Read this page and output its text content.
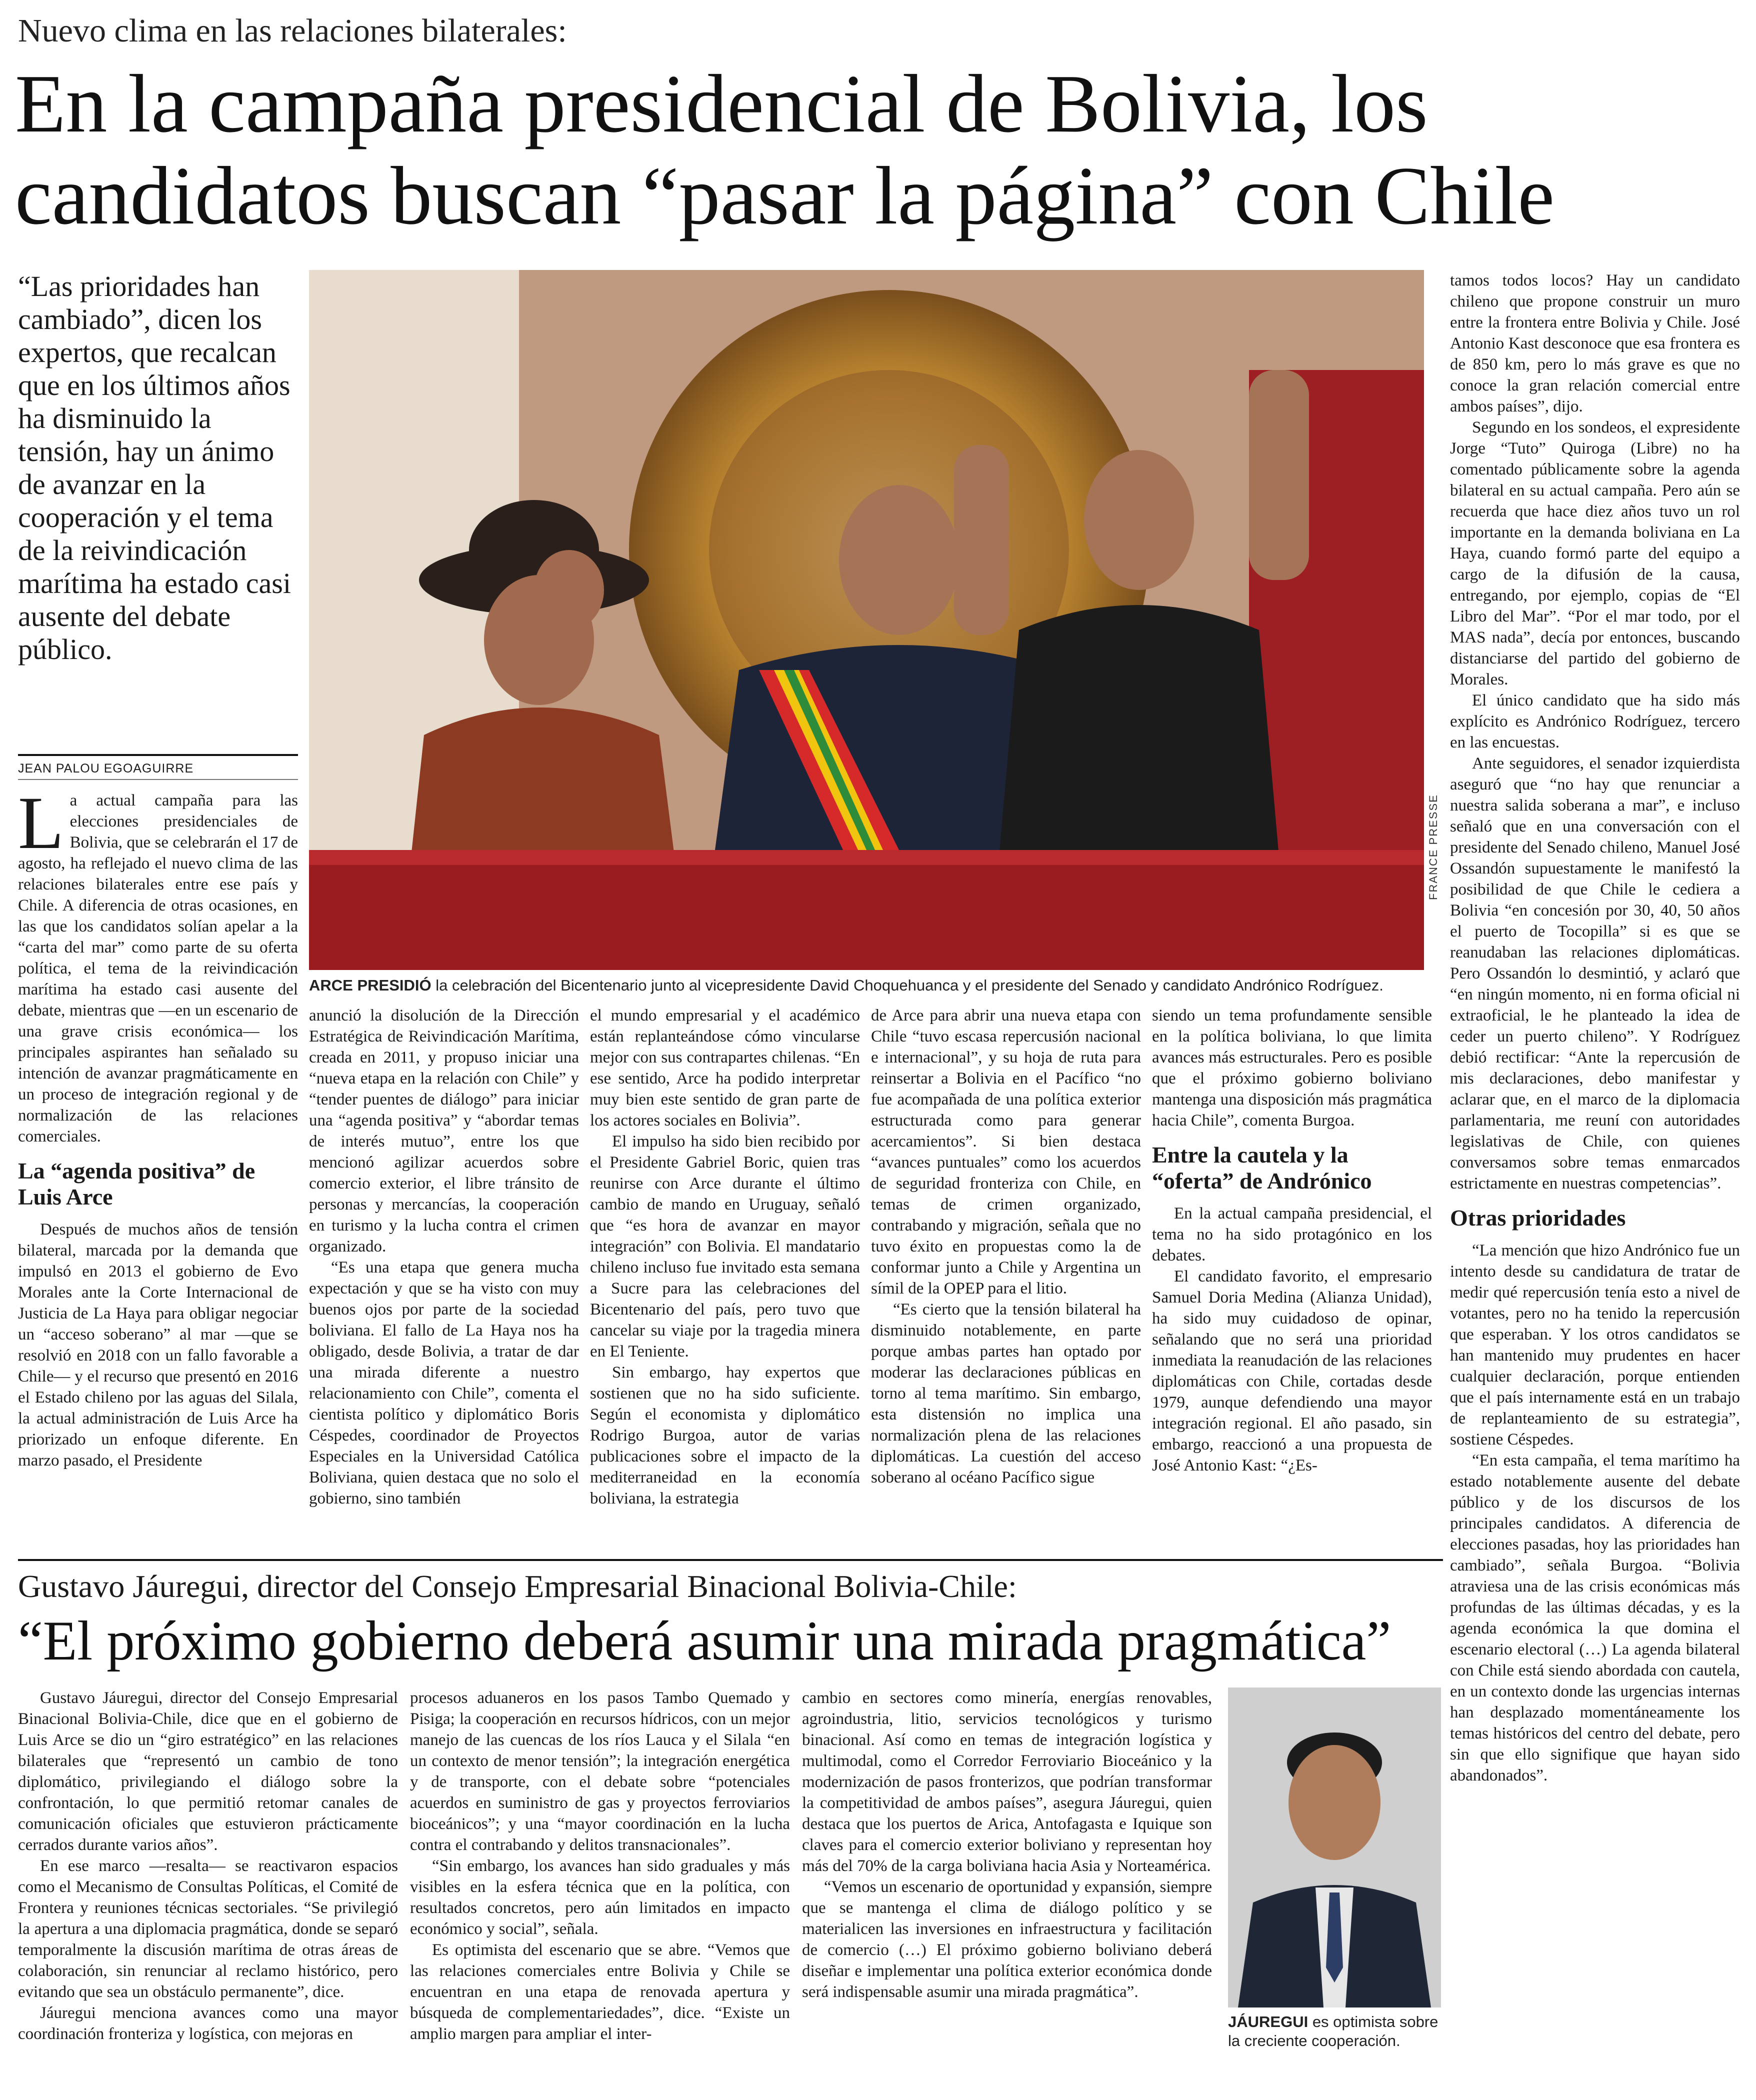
Nuevo clima en las relaciones bilaterales:
En la campaña presidencial de Bolivia, los
candidatos buscan “pasar la página” con Chile
“Las prioridades han cambiado”, dicen los expertos, que recalcan que en los últimos años ha disminuido la tensión, hay un ánimo de avanzar en la cooperación y el tema de la reivindicación marítima ha estado casi ausente del debate público.
JEAN PALOU EGOAGUIRRE

La actual campaña para las elecciones presidenciales de Bolivia, que se celebrarán el 17 de agosto, ha reflejado el nuevo clima de las relaciones bilaterales entre ese país y Chile. A diferencia de otras ocasiones, en las que los candidatos solían apelar a la “carta del mar” como parte de su oferta política, el tema de la reivindicación marítima ha estado casi ausente del debate, mientras que —en un escenario de una grave crisis económica— los principales aspirantes han señalado su intención de avanzar pragmáticamente en un proceso de integración regional y de normalización de las relaciones comerciales.

La “agenda positiva” de Luis Arce

Después de muchos años de tensión bilateral, marcada por la demanda que impulsó en 2013 el gobierno de Evo Morales ante la Corte Internacional de Justicia de La Haya para obligar negociar un “acceso soberano” al mar —que se resolvió en 2018 con un fallo favorable a Chile— y el recurso que presentó en 2016 el Estado chileno por las aguas del Silala, la actual administración de Luis Arce ha priorizado un enfoque diferente. En marzo pasado, el Presidente

FRANCE PRESSE
ARCE PRESIDIÓ la celebración del Bicentenario junto al vicepresidente David Choquehuanca y el presidente del Senado y candidato Andrónico Rodríguez.

anunció la disolución de la Dirección Estratégica de Reivindicación Marítima, creada en 2011, y propuso iniciar una “nueva etapa en la relación con Chile” y “tender puentes de diálogo” para iniciar una “agenda positiva” y “abordar temas de interés mutuo”, entre los que mencionó agilizar acuerdos sobre comercio exterior, el libre tránsito de personas y mercancías, la cooperación en turismo y la lucha contra el crimen organizado.

“Es una etapa que genera mucha expectación y que se ha visto con muy buenos ojos por parte de la sociedad boliviana. El fallo de La Haya nos ha obligado, desde Bolivia, a tratar de dar una mirada diferente a nuestro relacionamiento con Chile”, comenta el cientista político y diplomático Boris Céspedes, coordinador de Proyectos Especiales en la Universidad Católica Boliviana, quien destaca que no solo el gobierno, sino también

el mundo empresarial y el académico están replanteándose cómo vincularse mejor con sus contrapartes chilenas. “En ese sentido, Arce ha podido interpretar muy bien este sentido de gran parte de los actores sociales en Bolivia”.

El impulso ha sido bien recibido por el Presidente Gabriel Boric, quien tras reunirse con Arce durante el último cambio de mando en Uruguay, señaló que “es hora de avanzar en mayor integración” con Bolivia. El mandatario chileno incluso fue invitado esta semana a Sucre para las celebraciones del Bicentenario del país, pero tuvo que cancelar su viaje por la tragedia minera en El Teniente.

Sin embargo, hay expertos que sostienen que no ha sido suficiente. Según el economista y diplomático Rodrigo Burgoa, autor de varias publicaciones sobre el impacto de la mediterraneidad en la economía boliviana, la estrategia

de Arce para abrir una nueva etapa con Chile “tuvo escasa repercusión nacional e internacional”, y su hoja de ruta para reinsertar a Bolivia en el Pacífico “no fue acompañada de una política exterior estructurada como para generar acercamientos”. Si bien destaca “avances puntuales” como los acuerdos de seguridad fronteriza con Chile, en temas de crimen organizado, contrabando y migración, señala que no tuvo éxito en propuestas como la de conformar junto a Chile y Argentina un símil de la OPEP para el litio.

“Es cierto que la tensión bilateral ha disminuido notablemente, en parte porque ambas partes han optado por moderar las declaraciones públicas en torno al tema marítimo. Sin embargo, esta distensión no implica una normalización plena de las relaciones diplomáticas. La cuestión del acceso soberano al océano Pacífico sigue

siendo un tema profundamente sensible en la política boliviana, lo que limita avances más estructurales. Pero es posible que el próximo gobierno boliviano mantenga una disposición más pragmática hacia Chile”, comenta Burgoa.

Entre la cautela y la “oferta” de Andrónico

En la actual campaña presidencial, el tema no ha sido protagónico en los debates.

El candidato favorito, el empresario Samuel Doria Medina (Alianza Unidad), ha sido muy cuidadoso de opinar, señalando que no será una prioridad inmediata la reanudación de las relaciones diplomáticas con Chile, cortadas desde 1979, aunque defendiendo una mayor integración regional. El año pasado, sin embargo, reaccionó a una propuesta de José Antonio Kast: “¿Es-

tamos todos locos? Hay un candidato chileno que propone construir un muro entre la frontera entre Bolivia y Chile. José Antonio Kast desconoce que esa frontera es de 850 km, pero lo más grave es que no conoce la gran relación comercial entre ambos países”, dijo.

Segundo en los sondeos, el expresidente Jorge “Tuto” Quiroga (Libre) no ha comentado públicamente sobre la agenda bilateral en su actual campaña. Pero aún se recuerda que hace diez años tuvo un rol importante en la demanda boliviana en La Haya, cuando formó parte del equipo a cargo de la difusión de la causa, entregando, por ejemplo, copias de “El Libro del Mar”. “Por el mar todo, por el MAS nada”, decía por entonces, buscando distanciarse del partido del gobierno de Morales.

El único candidato que ha sido más explícito es Andrónico Rodríguez, tercero en las encuestas.

Ante seguidores, el senador izquierdista aseguró que “no hay que renunciar a nuestra salida soberana a mar”, e incluso señaló que en una conversación con el presidente del Senado chileno, Manuel José Ossandón supuestamente le manifestó la posibilidad de que Chile le cediera a Bolivia “en concesión por 30, 40, 50 años el puerto de Tocopilla” si es que se reanudaban las relaciones diplomáticas. Pero Ossandón lo desmintió, y aclaró que “en ningún momento, ni en forma oficial ni extraoficial, le he planteado la idea de ceder un puerto chileno”. Y Rodríguez debió rectificar: “Ante la repercusión de mis declaraciones, debo manifestar y aclarar que, en el marco de la diplomacia parlamentaria, me reuní con autoridades legislativas de Chile, con quienes conversamos sobre temas enmarcados estrictamente en nuestras competencias”.

Otras prioridades

“La mención que hizo Andrónico fue un intento desde su candidatura de tratar de medir qué repercusión tenía esto a nivel de votantes, pero no ha tenido la repercusión que esperaban. Y los otros candidatos se han mantenido muy prudentes en hacer cualquier declaración, porque entienden que el país internamente está en un trabajo de replanteamiento de su estrategia”, sostiene Céspedes.

“En esta campaña, el tema marítimo ha estado notablemente ausente del debate público y de los discursos de los principales candidatos. A diferencia de elecciones pasadas, hoy las prioridades han cambiado”, señala Burgoa. “Bolivia atraviesa una de las crisis económicas más profundas de las últimas décadas, y es la agenda económica la que domina el escenario electoral (…) La agenda bilateral con Chile está siendo abordada con cautela, en un contexto donde las urgencias internas han desplazado momentáneamente los temas históricos del centro del debate, pero sin que ello signifique que hayan sido abandonados”.

Gustavo Jáuregui, director del Consejo Empresarial Binacional Bolivia-Chile:
“El próximo gobierno deberá asumir una mirada pragmática”

Gustavo Jáuregui, director del Consejo Empresarial Binacional Bolivia-Chile, dice que en el gobierno de Luis Arce se dio un “giro estratégico” en las relaciones bilaterales que “representó un cambio de tono diplomático, privilegiando el diálogo sobre la confrontación, lo que permitió retomar canales de comunicación oficiales que estuvieron prácticamente cerrados durante varios años”.

En ese marco —resalta— se reactivaron espacios como el Mecanismo de Consultas Políticas, el Comité de Frontera y reuniones técnicas sectoriales. “Se privilegió la apertura a una diplomacia pragmática, donde se separó temporalmente la discusión marítima de otras áreas de colaboración, sin renunciar al reclamo histórico, pero evitando que sea un obstáculo permanente”, dice.

Jáuregui menciona avances como una mayor coordinación fronteriza y logística, con mejoras en

procesos aduaneros en los pasos Tambo Quemado y Pisiga; la cooperación en recursos hídricos, con un mejor manejo de las cuencas de los ríos Lauca y el Silala “en un contexto de menor tensión”; la integración energética y de transporte, con el debate sobre “potenciales acuerdos en suministro de gas y proyectos ferroviarios bioceánicos”; y una “mayor coordinación en la lucha contra el contrabando y delitos transnacionales”.

“Sin embargo, los avances han sido graduales y más visibles en la esfera técnica que en la política, con resultados concretos, pero aún limitados en impacto económico y social”, señala.

Es optimista del escenario que se abre. “Vemos que las relaciones comerciales entre Bolivia y Chile se encuentran en una etapa de renovada apertura y búsqueda de complementariedades”, dice. “Existe un amplio margen para ampliar el inter-

cambio en sectores como minería, energías renovables, agroindustria, litio, servicios tecnológicos y turismo binacional. Así como en temas de integración logística y multimodal, como el Corredor Ferroviario Bioceánico y la modernización de pasos fronterizos, que podrían transformar la competitividad de ambos países”, asegura Jáuregui, quien destaca que los puertos de Arica, Antofagasta e Iquique son claves para el comercio exterior boliviano y representan hoy más del 70% de la carga boliviana hacia Asia y Norteamérica.

“Vemos un escenario de oportunidad y expansión, siempre que se mantenga el clima de diálogo político y se materialicen las inversiones en infraestructura y facilitación de comercio (…) El próximo gobierno boliviano deberá diseñar e implementar una política exterior económica donde será indispensable asumir una mirada pragmática”.

JÁUREGUI es optimista sobre la creciente cooperación.
